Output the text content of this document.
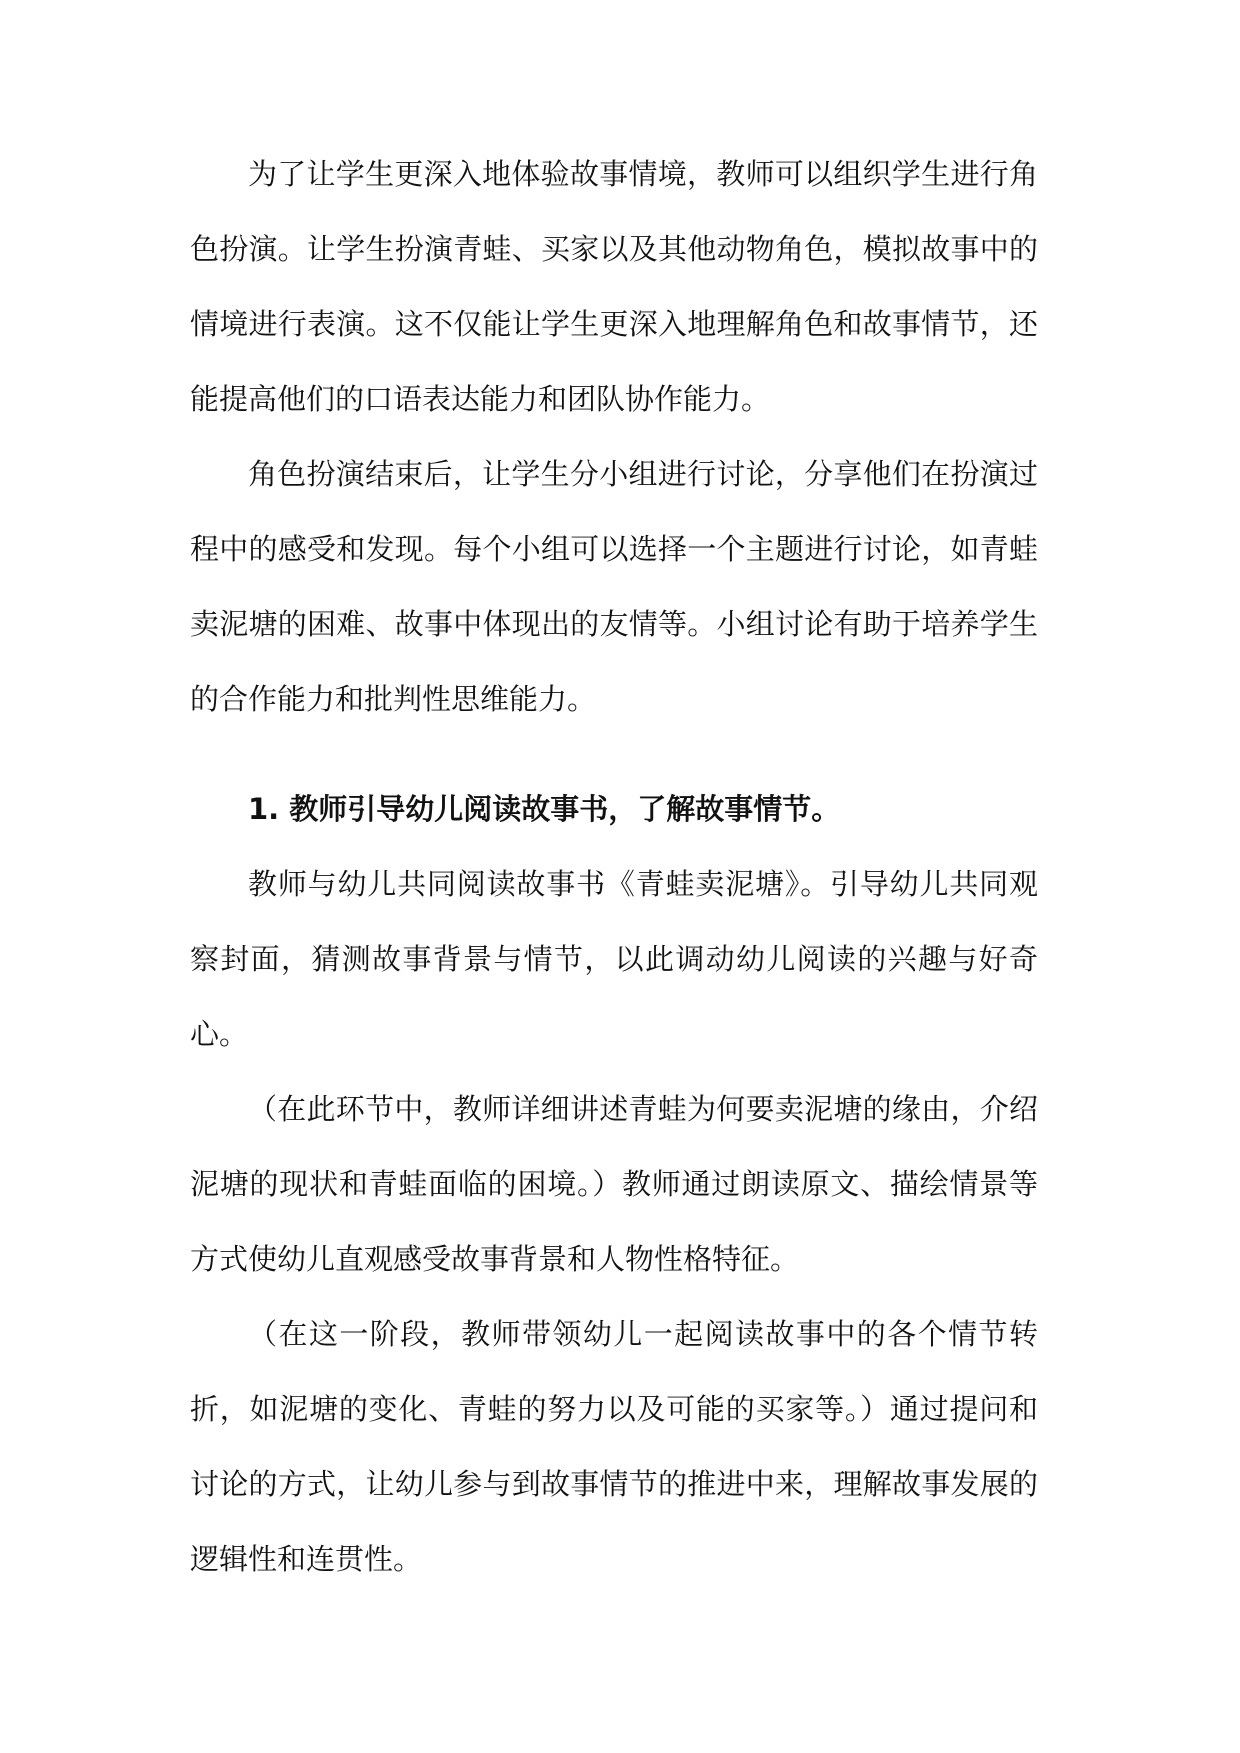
为了让学生更深入地体验故事情境，教师可以组织学生进行角色扮演。让学生扮演青蛙、买家以及其他动物角色，模拟故事中的情境进行表演。这不仅能让学生更深入地理解角色和故事情节，还能提高他们的口语表达能力和团队协作能力。

角色扮演结束后，让学生分小组进行讨论，分享他们在扮演过程中的感受和发现。每个小组可以选择一个主题进行讨论，如青蛙卖泥塘的困难、故事中体现出的友情等。小组讨论有助于培养学生的合作能力和批判性思维能力。

1. 教师引导幼儿阅读故事书，了解故事情节。

教师与幼儿共同阅读故事书《青蛙卖泥塘》。引导幼儿共同观察封面，猜测故事背景与情节，以此调动幼儿阅读的兴趣与好奇心。

（在此环节中，教师详细讲述青蛙为何要卖泥塘的缘由，介绍泥塘的现状和青蛙面临的困境。）教师通过朗读原文、描绘情景等方式使幼儿直观感受故事背景和人物性格特征。

（在这一阶段，教师带领幼儿一起阅读故事中的各个情节转折，如泥塘的变化、青蛙的努力以及可能的买家等。）通过提问和讨论的方式，让幼儿参与到故事情节的推进中来，理解故事发展的逻辑性和连贯性。
